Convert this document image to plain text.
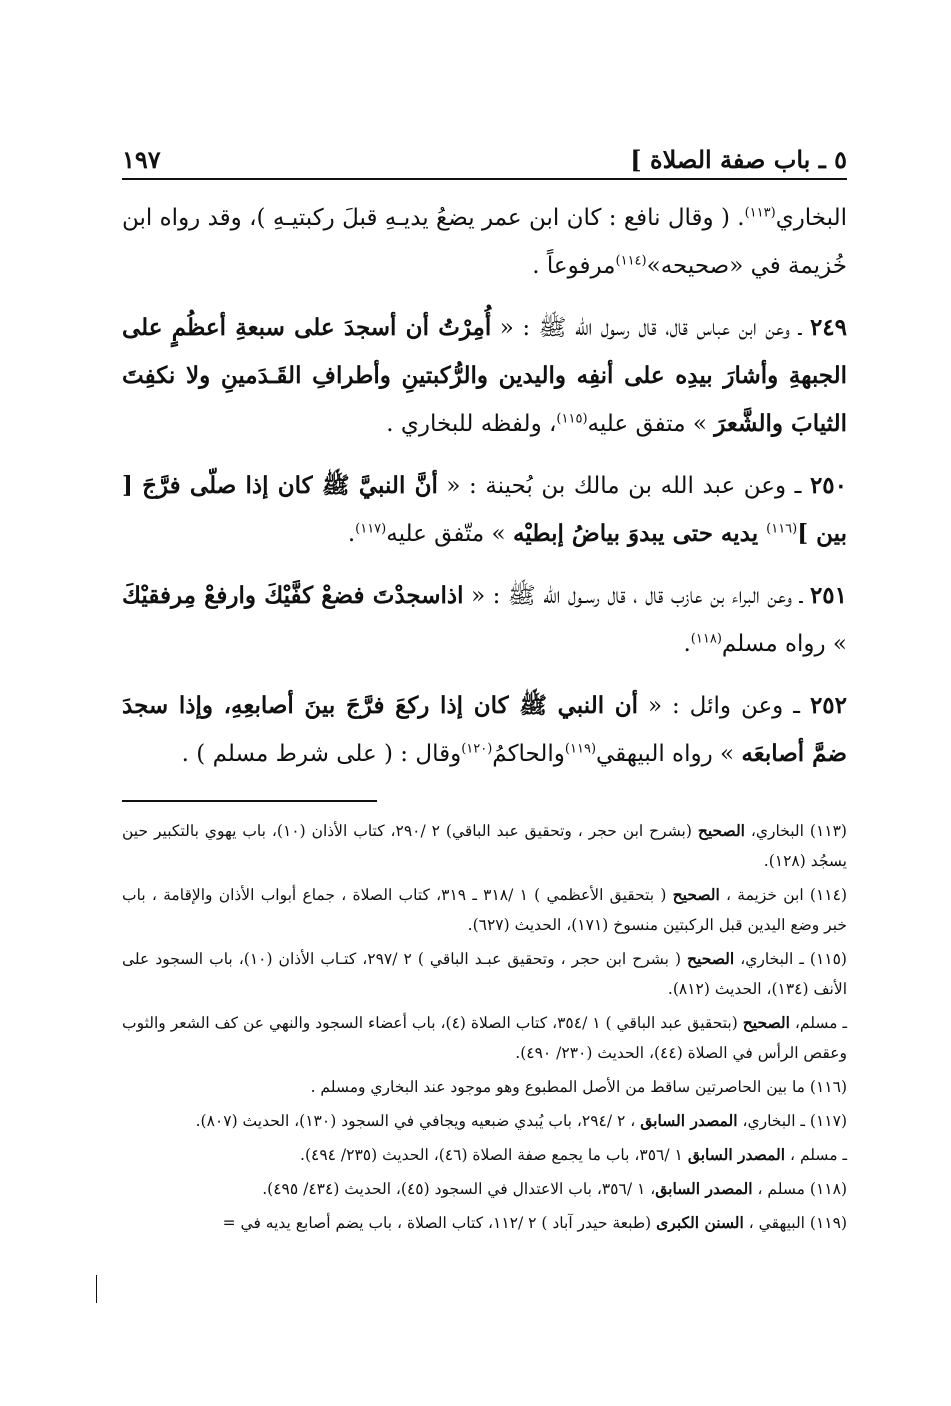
٥ ـ باب صفة الصلاة ]
١٩٧

البخاري$^{(١١٣)}$. ( وقال نافع : كان ابن عمر يضعُ يديـهِ قبلَ ركبتيـهِ )، وقد رواه ابن خُزيمة في «صحيحه»$^{(١١٤)}$مرفوعاً .

٢٤٩ ـ وعن ابن عباس قال، قال رسول الله ﷺ : « أُمِرْتُ أن أسجدَ على سبعةِ أعظُمٍ على الجبهةِ وأشارَ بيدِه على أنفِه واليدين والرُّكبتينِ وأطرافِ القَـدَمينِ ولا نكفِتَ الثيابَ والشَّعرَ » متفق عليه$^{(١١٥)}$، ولفظه للبخاري .

٢٥٠ ـ وعن عبد الله بن مالك بن بُحينة : « أنَّ النبيَّ ﷺ كان إذا صلّى فرَّجَ [ بين ]$^{(١١٦)}$ يديه حتى يبدوَ بياضُ إبطيْه » متّفق عليه$^{(١١٧)}$.

٢٥١ ـ وعن البراء بن عازب قال ، قال رسـول الله ﷺ : « اذاسجدْتَ فضعْ كفَّيْكَ وارفعْ مِرفقيْكَ » رواه مسلم$^{(١١٨)}$.

٢٥٢ ـ وعن وائل : « أن النبي ﷺ كان إذا ركعَ فرَّجَ بينَ أصابعِهِ، وإذا سجدَ ضمَّ أصابعَه » رواه البيهقي$^{(١١٩)}$والحاكمُ$^{(١٢٠)}$وقال : ( على شرط مسلم ) .

(١١٣) البخاري، الصحيح (بشرح ابن حجر ، وتحقيق عبد الباقي) ٢ /٢٩٠، كتاب الأذان (١٠)، باب يهوي بالتكبير حين يسجُد (١٢٨).

(١١٤) ابن خزيمة ، الصحيح ( بتحقيق الأعظمي ) ١ /٣١٨ ـ ٣١٩، كتاب الصلاة ، جماع أبواب الأذان والإقامة ، باب خبر وضع اليدين قبل الركبتين منسوخ (١٧١)، الحديث (٦٢٧).

(١١٥) ـ البخاري، الصحيح ( بشرح ابن حجر ، وتحقيق عبـد الباقي ) ٢ /٢٩٧، كتـاب الأذان (١٠)، باب السجود على الأنف (١٣٤)، الحديث (٨١٢).

ـ مسلم، الصحيح (بتحقيق عبد الباقي ) ١ /٣٥٤، كتاب الصلاة (٤)، باب أعضاء السجود والنهي عن كف الشعر والثوب وعقص الرأس في الصلاة (٤٤)، الحديث (٢٣٠/ ٤٩٠).

(١١٦) ما بين الحاصرتين ساقط من الأصل المطبوع وهو موجود عند البخاري ومسلم .

(١١٧) ـ البخاري، المصدر السابق ، ٢ /٢٩٤، باب يُبدي ضبعيه ويجافي في السجود (١٣٠)، الحديث (٨٠٧).

ـ مسلم ، المصدر السابق ١ /٣٥٦، باب ما يجمع صفة الصلاة (٤٦)، الحديث (٢٣٥/ ٤٩٤).

(١١٨) مسلم ، المصدر السابق، ١ /٣٥٦، باب الاعتدال في السجود (٤٥)، الحديث (٤٣٤/ ٤٩٥).

(١١٩) البيهقي ، السنن الكبرى (طبعة حيدر آباد ) ٢ /١١٢، كتاب الصلاة ، باب يضم أصابع يديه في =
